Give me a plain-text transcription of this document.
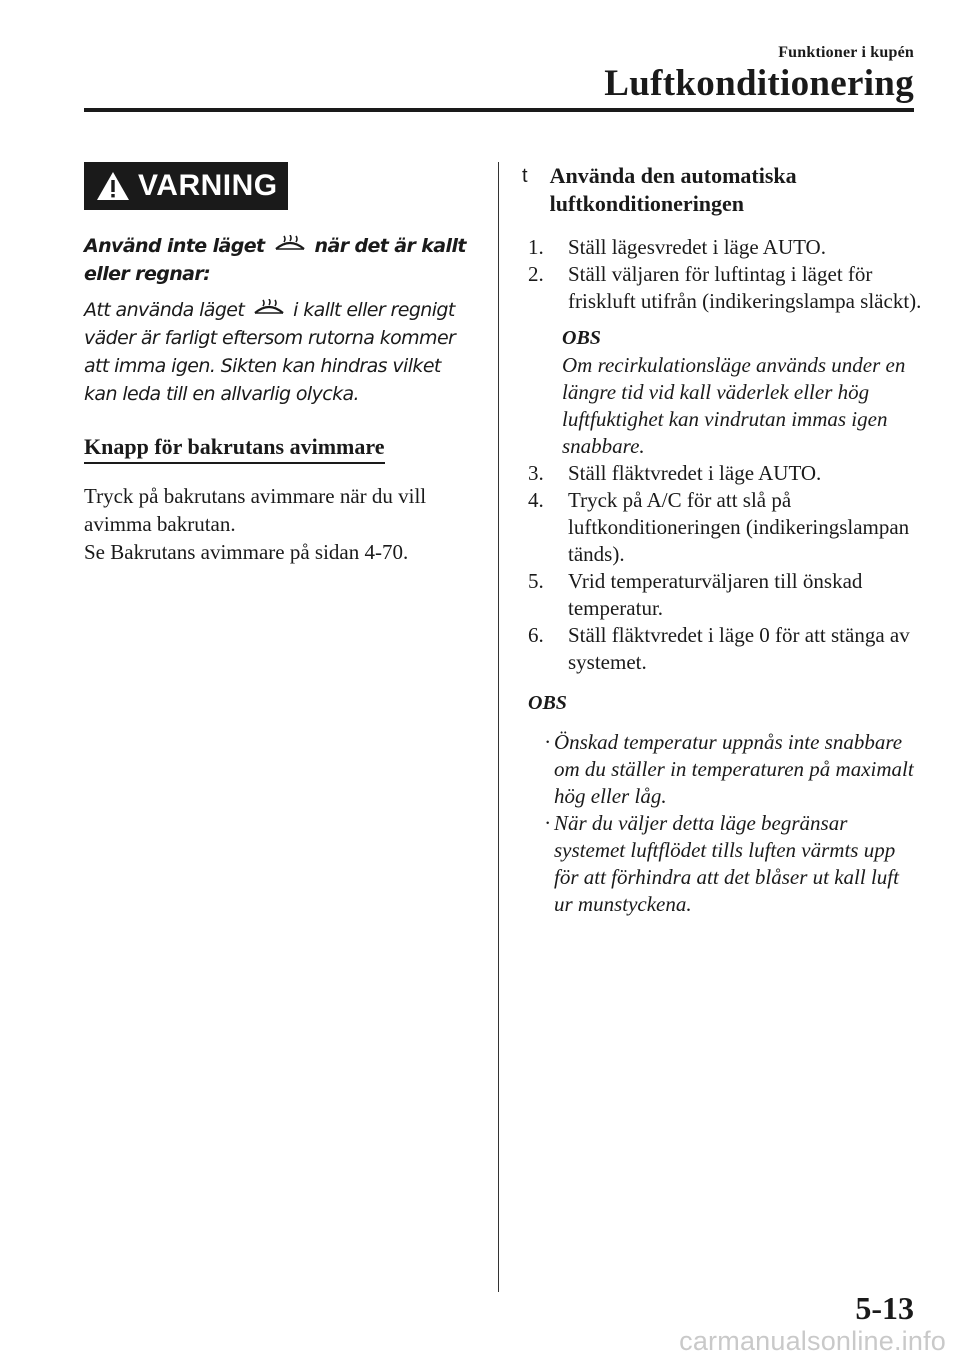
Funktioner i kupén
Luftkonditionering
VARNING

Använd inte läget	när det är kallt eller regnar:

Att använda läget	i kallt eller regnigt väder är farligt eftersom rutorna kommer att imma igen. Sikten kan hindras vilket kan leda till en allvarlig olycka.

Knapp för bakrutans avimmare

Tryck på bakrutans avimmare när du vill avimma bakrutan.

Se Bakrutans avimmare på sidan 4-70.

t Använda den automatiska luftkonditioneringen
1.	Ställ lägesvredet i läge AUTO.
2.	Ställ väljaren för luftintag i läget för friskluft utifrån (indikeringslampa släckt).
OBS
Om recirkulationsläge används under en längre tid vid kall väderlek eller hög luftfuktighet kan vindrutan immas igen snabbare.
3.	Ställ fläktvredet i läge AUTO.
4.	Tryck på A/C för att slå på luftkonditioneringen (indikeringslampan tänds).
5.	Vrid temperaturväljaren till önskad temperatur.
6.	Ställ fläktvredet i läge 0 för att stänga av systemet.
OBS
· Önskad temperatur uppnås inte snabbare om du ställer in temperaturen på maximalt hög eller låg.
· När du väljer detta läge begränsar systemet luftflödet tills luften värmts upp för att förhindra att det blåser ut kall luft ur munstyckena.
5-13
carmanualsonline.info
